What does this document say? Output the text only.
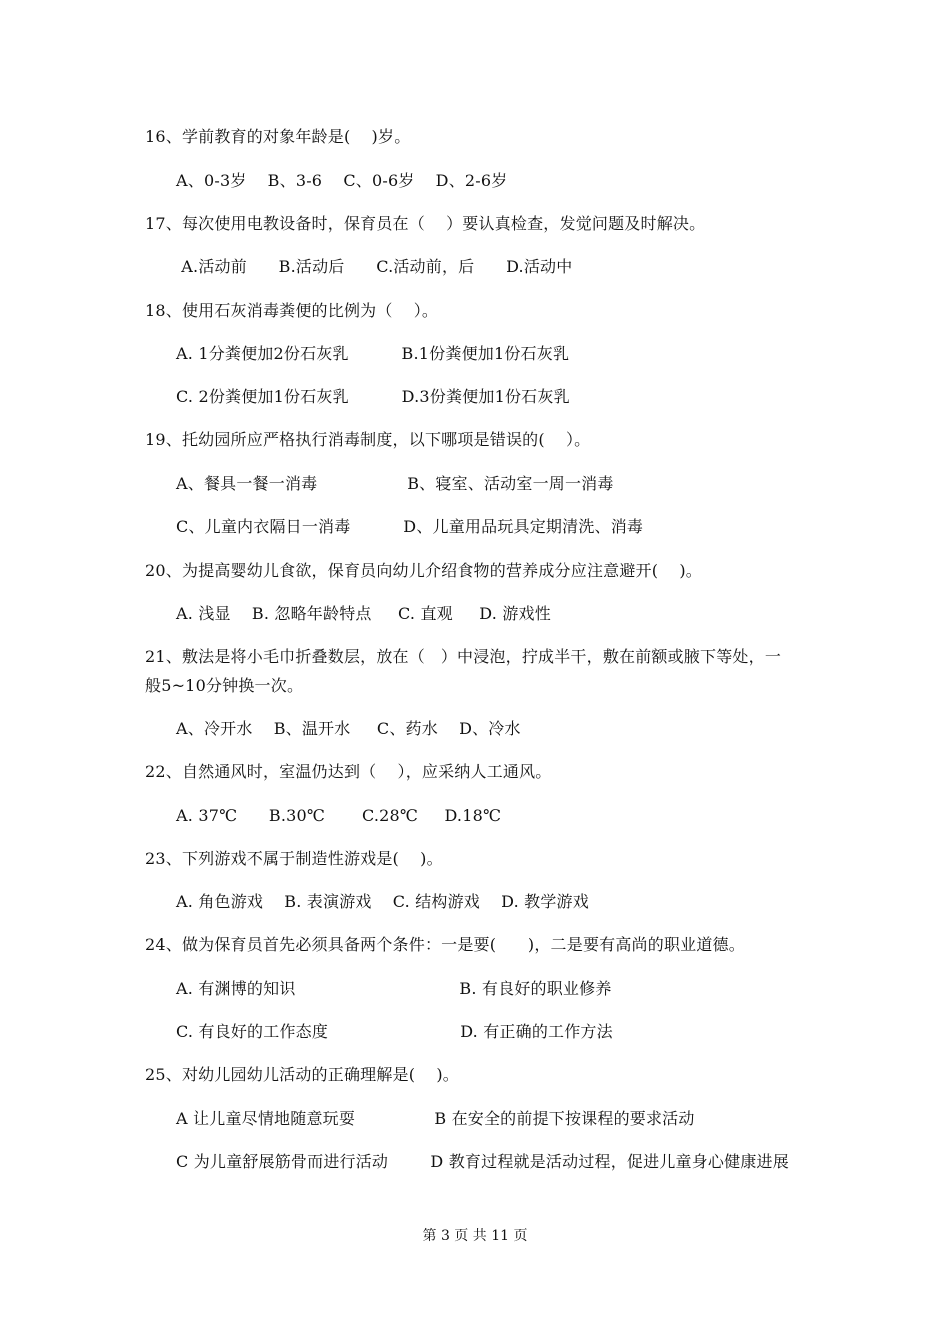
16、学前教育的对象年龄是(    )岁。
A、0-3岁    B、3-6    C、0-6岁    D、2-6岁
17、每次使用电教设备时，保育员在（    ）要认真检查，发觉问题及时解决。
A.活动前      B.活动后      C.活动前，后      D.活动中
18、使用石灰消毒粪便的比例为（    ）。
A. 1分粪便加2份石灰乳          B.1份粪便加1份石灰乳
C. 2份粪便加1份石灰乳          D.3份粪便加1份石灰乳
19、托幼园所应严格执行消毒制度，以下哪项是错误的(    ）。
A、餐具一餐一消毒                 B、寝室、活动室一周一消毒
C、儿童内衣隔日一消毒          D、儿童用品玩具定期清洗、消毒
20、为提高婴幼儿食欲，保育员向幼儿介绍食物的营养成分应注意避开(    )。
A. 浅显    B. 忽略年龄特点     C. 直观     D. 游戏性
21、敷法是将小毛巾折叠数层，放在（   ）中浸泡，拧成半干，敷在前额或腋下等处，一
般5~10分钟换一次。
A、冷开水    B、温开水     C、药水    D、冷水
22、自然通风时，室温仍达到（    ），应采纳人工通风。
A. 37℃      B.30℃       C.28℃     D.18℃
23、下列游戏不属于制造性游戏是(    )。
A. 角色游戏    B. 表演游戏    C. 结构游戏    D. 教学游戏
24、做为保育员首先必须具备两个条件：一是要(      )，二是要有高尚的职业道德。
A. 有渊博的知识                               B. 有良好的职业修养
C. 有良好的工作态度                         D. 有正确的工作方法
25、对幼儿园幼儿活动的正确理解是(    )。
A 让儿童尽情地随意玩耍               B 在安全的前提下按课程的要求活动
C 为儿童舒展筋骨而进行活动        D 教育过程就是活动过程，促进儿童身心健康进展
第 3 页 共 11 页
